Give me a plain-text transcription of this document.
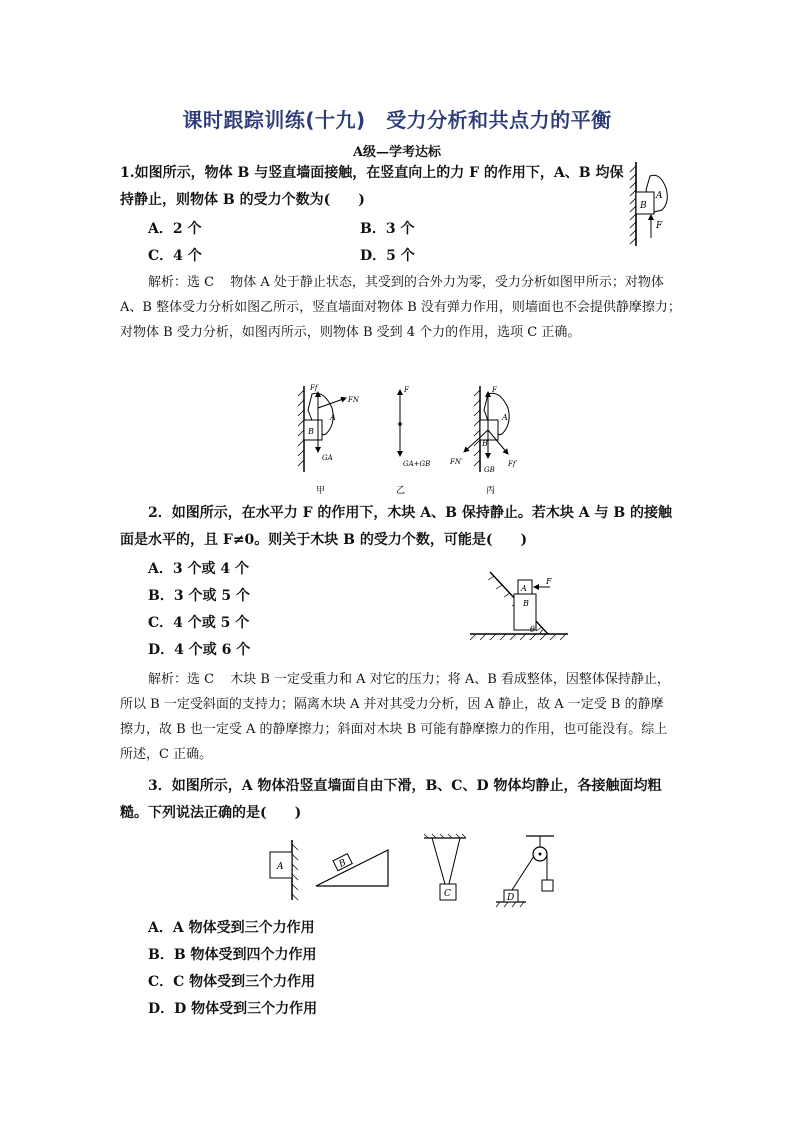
课时跟踪训练(十九)　受力分析和共点力的平衡
A级—学考达标
1.如图所示，物体 B 与竖直墙面接触，在竖直向上的力 F 的作用下，A、B 均保持静止，则物体 B 的受力个数为(　　)	A
B
F
A．2 个	B．3 个
C．4 个	D．5 个
解析：选 C 物体 A 处于静止状态，其受到的合外力为零，受力分析如图甲所示；对物体 A、B 整体受力分析如图乙所示，竖直墙面对物体 B 没有弹力作用，则墙面也不会提供静摩擦力；　对物体 B 受力分析，如图丙所示，则物体 B 受到 4 个力的作用，选项 C 正确。
Ff
FN
A
B
GA
甲
F
GA+GB
乙
F
A
B
FN′
GB
Ff′
丙
2．如图所示，在水平力 F 的作用下，木块 A、B 保持静止。若木块 A 与 B 的接触面是水平的，且 F≠0。则关于木块 B 的受力个数，可能是(　　)
A．3 个或 4 个
B．3 个或 5 个
C．4 个或 5 个
D．4 个或 6 个
A
B
F
θ
解析：选 C 木块 B 一定受重力和 A 对它的压力；将 A、B 看成整体，因整体保持静止，所以 B 一定受斜面的支持力；隔离木块 A 并对其受力分析，因 A 静止，故 A 一定受 B 的静摩擦力，故 B 也一定受 A 的静摩擦力；斜面对木块 B 可能有静摩擦力的作用，也可能没有。综上所述，C 正确。
3．如图所示，A 物体沿竖直墙面自由下滑，B、C、D 物体均静止，各接触面均粗糙。下列说法正确的是(　　)
A	B
C	D
A．A 物体受到三个力作用
B．B 物体受到四个力作用
C．C 物体受到三个力作用
D．D 物体受到三个力作用
